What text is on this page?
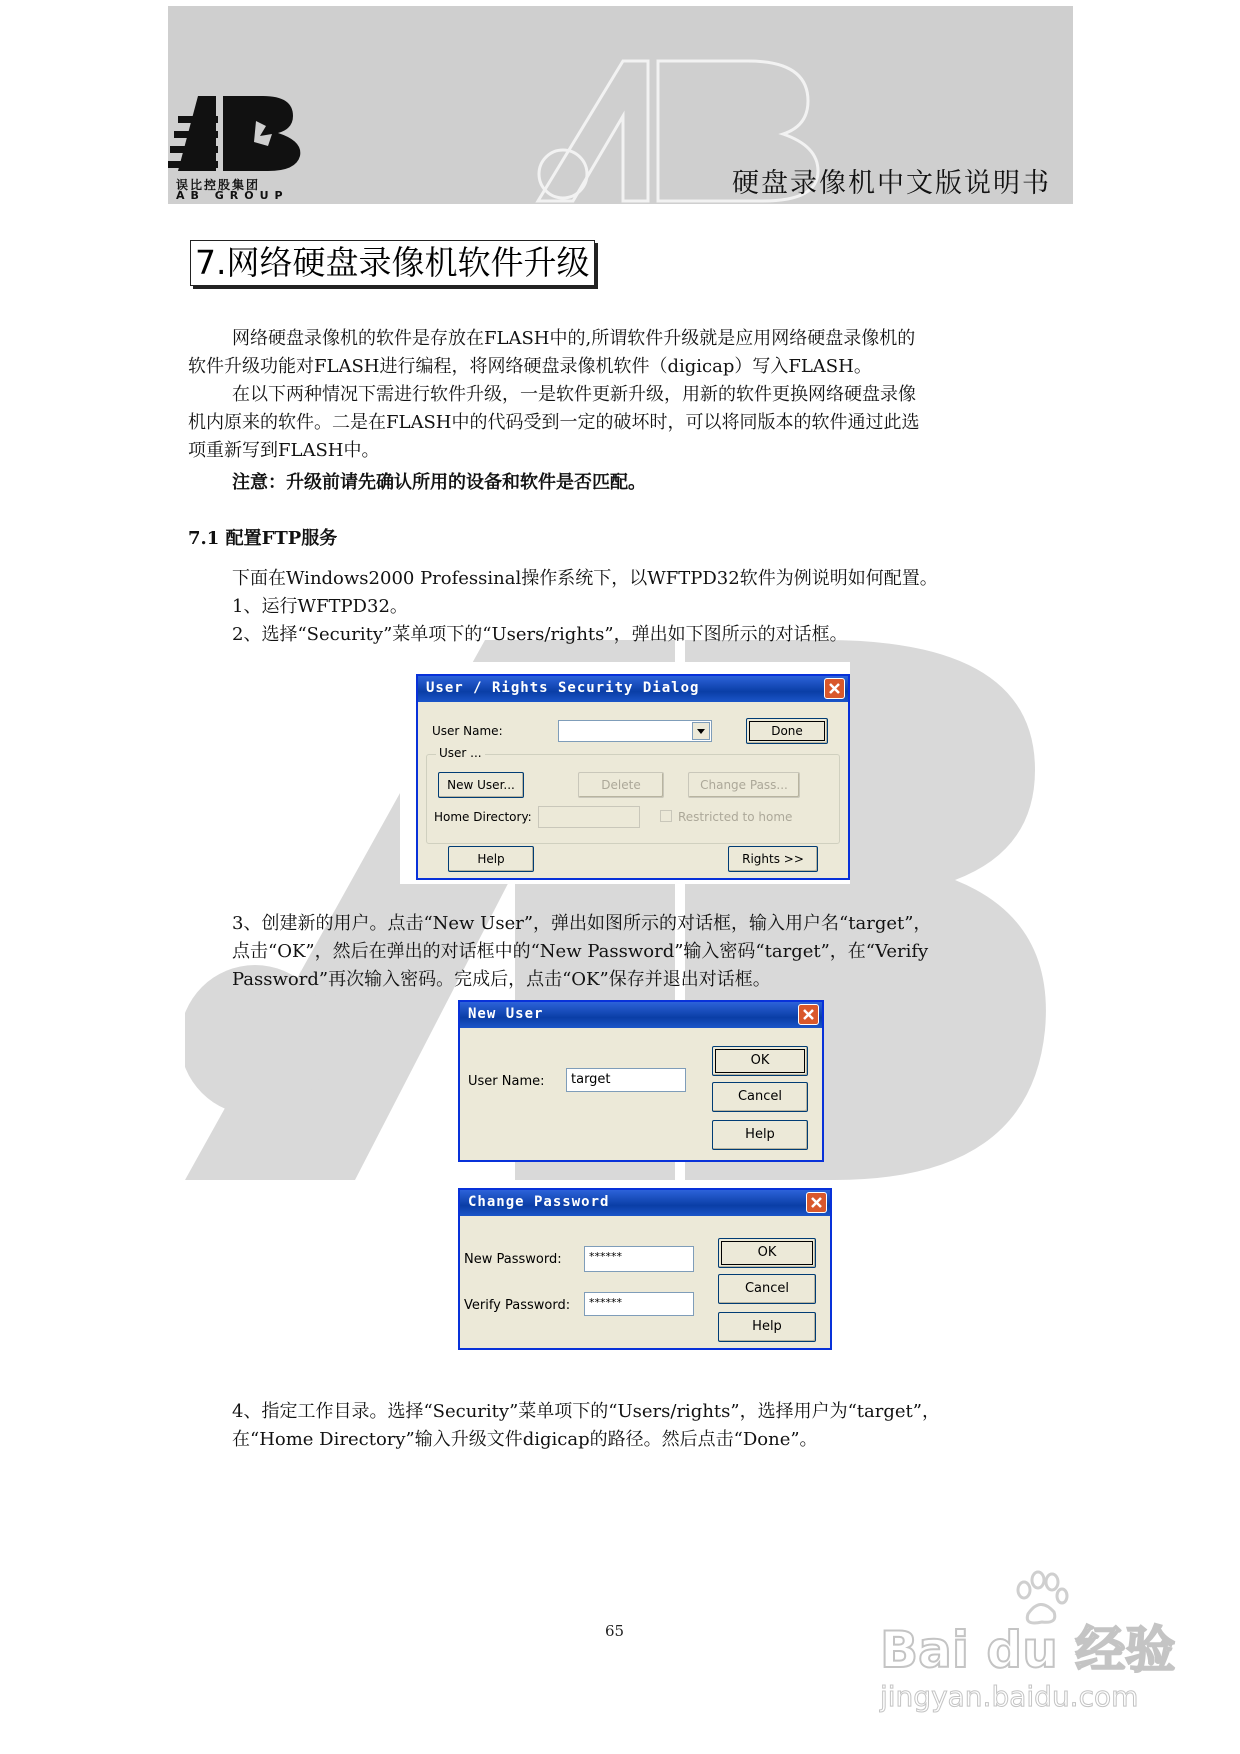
误比控股集团
AB GROUP	硬盘录像机中文版说明书
7.网络硬盘录像机软件升级
网络硬盘录像机的软件是存放在FLASH中的,所谓软件升级就是应用网络硬盘录像机的
软件升级功能对FLASH进行编程，将网络硬盘录像机软件（digicap）写入FLASH。
在以下两种情况下需进行软件升级，一是软件更新升级，用新的软件更换网络硬盘录像
机内原来的软件。二是在FLASH中的代码受到一定的破坏时，可以将同版本的软件通过此选
项重新写到FLASH中。
注意：升级前请先确认所用的设备和软件是否匹配。
7.1 配置FTP服务
下面在Windows2000 Professinal操作系统下，以WFTPD32软件为例说明如何配置。
1、运行WFTPD32。
2、选择“Security”菜单项下的“Users/rights”，弹出如下图所示的对话框。
User / Rights Security Dialog
User Name:	Done
User ...
New User...	Delete	Change Pass...
Home Directory:	Restricted to home
Help	Rights >>
3、创建新的用户。点击“New User”，弹出如图所示的对话框，输入用户名“target”，
点击“OK”，然后在弹出的对话框中的“New Password”输入密码“target”，在“Verify
Password”再次输入密码。完成后，点击“OK”保存并退出对话框。
New User
User Name:	target
OK
Cancel
Help
Change Password
New Password:	******
Verify Password:	******
OK
Cancel
Help
4、指定工作目录。选择“Security”菜单项下的“Users/rights”，选择用户为“target”，
在“Home Directory”输入升级文件digicap的路径。然后点击“Done”。
65	Bai du 经验
jingyan.baidu.com
